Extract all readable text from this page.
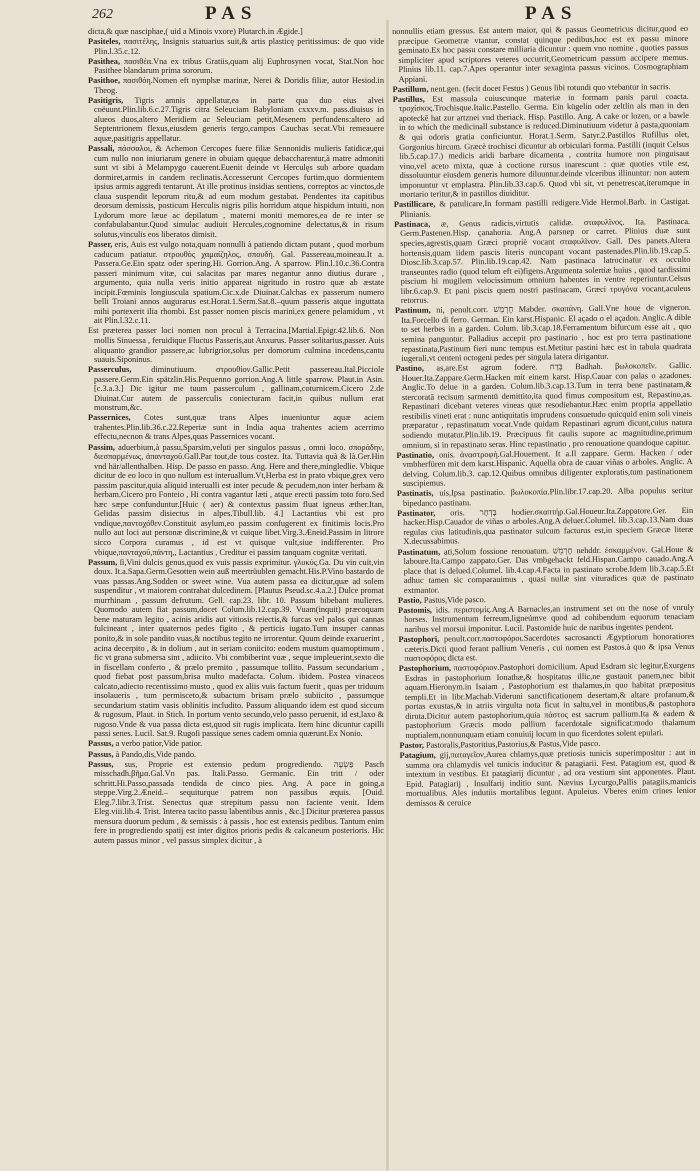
262	PAS	PAS

dicta,& quæ nasciphae,( uid a Minois vxore) Plutarch.in Ægide.]

Pasiteles, πασιτέλης, Insignis statuarius suit,& artis plasticę peritissimus: de quo vide Plin.l.35.c.12.

Pasithea, πασιθέα.Vna ex tribus Gratiis,quam alij Euphrosynen vocat, Stat.Non hoc Pasithee blandarum prima sororum.

Pasithoe, πασιθόη.Nomen eft nymphæ marinæ, Nerei & Doridis filiæ, autor Hesiod.in Theog.

Pasitigris, Tigris amnis appellatur,ea in parte qua duo eius alvei coëuunt.Plin.lib.6.c.27.Tigris citra Seleuciam Babyloniam cxxxv.m. pass.diuisus in alueos duos,altero Meridiem ac Seleuciam petit,Mesenem perfundens:altero ad Septentrionem flexus,eiusdem generis tergo,campos Cauchas secat.Vbi remeauere aquæ,pasitigris appellatur.

Passali, πάσσαλοι, & Achemon Cercopes fuere filiæ Sennonidis mulieris fatidicæ,qui cum nullo non iniuriarum genere in obuiam quęque debaccharentur,à matre admoniti sunt vt sibi à Melampygo cauerent.Euenit deinde vt Herculęs sub arbore quadam dormiret,armis in candem reclinatis.Accesserunt Cercopes furtim,quo dormientem ipsius armis aggredi tentarunt. At ille protinus insidias sentiens, correptos ac vinctos,de claua suspendit leporum ritu,& ad eum modum gestabat. Pendentes ita capitibus deorsum demissis, posticum Herculis nigris pilis horridum atque hispidum intuiti, non Lydorum more læue ac depilatum , materni moniti memores,ea de re inter se confabulabantur.Quod simulac audiuit Hercules,cognomine delectatus,& in risum solutus,vinculis eos liberatos dimisit.

Passer, eris, Auis est vulgo nota,quam nonnulli à patiendo dictam putant , quod morbum caducum patiatur. στρουθὸς χαμαίζηλος, σπουδὴ. Gal. Passereau,moineau.It a. Passera.Ge.Ein spatz oder spering.Hi. Gorrion.Ang. A sparrow. Plin.l.10.c.36.Contra passeri minimum vitæ, cui salacitas par mares negantur anno diutius durare , argumento, quia nulla veris initio appareat nigritudo in rostro quæ ab æstate incipit.Fœminis longiuscula spatium.Cic.x.de Diuinat.Calchas ex passerum numero belli Troiani annos augurarus est.Horat.1.Serm.Sat.8.–quum passeris atque inguttata mihi portexerit ilia rhombi. Est passer nomen piscis marini,ex genere pelamidum , vt ait Plin.l.32.c.11.

Est præterea passer loci nomen non procul à Terracina.[Martial.Epigr.42.lib.6. Non mollis Sinuessa , feruidique Fluctus Passeris,aut Anxurus. Passer solitarius,passer. Auis aliquanto grandior passere,ac lubrigrior,solus per domorum culmina incedens,cantu suauis.Siponinus.

Passerculus, diminutiuum. στρουθίον.Gallic.Petit passereau.Ital.Picciole passere.Germ.Ein spätzlin.His.Pequenno gorrion.Ang.A little sparrow. Plaut.in Asin.[c.3.a.3.] Dic igitur me tuum passerculum , gallinam,coturnicem.Cicero 2.de Diuinat.Cur autem de passerculis coniecturam facit,in quibus nullum erat monstrum,&c.

Passernices, Cotes sunt,quæ trans Alpes inueniuntur aquæ aciem trahentes.Plin.lib.36.c.22.Reperiæ sunt in India aqua trahentes aciem acerrimo effectu,necnon & trans Alpes,quas Passernices vocant.

Passim, aduerbium,à passu,Sparsim,veluti per singulos passus , omni loco. σποράδην, διεσπαρμένως, ἁπανταχοῦ.Gall.Par tout,de tous costez. Ita. Tuttavia quà & là.Ger.Hin vnd här/allenthalben. Hisp. De passo en passo. Ang. Here and there,mingledlie. Vbique dicitur de eo loco in quo nullum est interuallum.Vt,Herba est in prato vbique,grex vero passim pascitur,quia aliquid interualli est inter pecude & pecudem,non inter herbam & herbam.Cicero pro Fonteio , Hi contra vagantur læti , atque erecti passim toto foro.Sed hæc sæpe confunduntur.[Huic ( aer) & contextus passim fluat igneus æther.Itan, Gelidas passim disiectus in alpes.Tibull.lib. 4.] Lactantius vbi est pro vndique,παντοχόθεν.Constituit asylum,eo passim confugerent ex finitimis locis.Pro nullo aut loci aut personæ discrimine,& vt cuique libet.Virg.3.Æneid.Passim in litrore sicco Corpora curamus , id est vt quisque vult,siue indifferenter. Pro vbique,πανταχοῦ,πάντη,, Lactantius , Creditur ei passim tanquam cognitæ veritati.

Passum, ſi,Vini dulcis genus,quod ex vuis passis exprimitur. γλυκύς.Ga. Du vin cuit,vin doux. It.a.Sapa.Germ.Gesotten wein auß meertrüublen gemacht.His.P.Vino bastardo de vuas passas.Ang.Sodden or sweet wine. Vua autem passa ea dicitur,quæ ad solem suspenditur , vt maiorem contrahat dulcedinem. [Plautus Pseud.sc.4.a.2.] Dulce promat murrhinam , passum defrutum. Gell. cap.23. libr. 10. Passum bibebant mulieres. Quomodo autem fiat passum,docet Colum.lib.12.cap.39. Vuam(inquit) præcoquam bene maturam legito , acinis aridis aut vitiosis reiectis,& furcas vel palos qui cannas fulcineant , inter quaternos pedes figito , & perticis iugato.Tum insuper cannas ponito,& in sole pandito vuas,& noctibus tegito ne irrorentur. Quum deinde exaruerint , acina decerpito , & in dolium , aut in seriam coniicito: eodem mustum quamoptimum , fic vt grana submersa sint , adiicito. Vbi combiberint vuæ , seque impleuerint,sexto die in fiscellam conferto , & prælo premito , passumque tollito. Passum secundarium , quod fiebat post passum,brisa multo madefacta. Colum. ibidem. Postea vinaceos calcato,adiecto recentissimo musto , quod ex aliis vuis factum fuerit , quas per triduum insolaueris , tum permisceto,& subactum brisam prælo subiicito , passumque secundarium statim vasis oblinitis includito. Passum aliquando idem est quod siccum & rugosum, Plaut. in Stich. In portum vento secundo,velo passo peruenit, id est,laxo & rugoso.Vnde & vua passa dicta est,quod sit rugis implicata. Item hinc dicuntur capilli passi senes. Lucil. Sat.9. Rugoſi passique senes cadem omnia quærunt.Ex Nonio.

Passus, a verbo patior,Vide patior.

Passus, à Pando,dis,Vide pando.

Passus, sus, Proprie est extensio pedum progrediendo. פַּשְׂעָה Pasch misschadh.βῆμα.Gal.Vn pas. Itali.Passo. Germanic. Ein tritt / oder schritt.Hi.Passo,passada tendida de cinco pies. Ang. A pace in going,a steppe.Virg.2.Æneid.– sequiturque patrem non passibus æquis. [Ouid. Eleg.7.libr.3.Trist. Senectus quæ strepitum passu non faciente venit. Idem Eleg.viii.lib.4. Trist. Interea tacito passu labentibus annis , &c.] Dicitur præterea passus mensura duorum pedum , & semissis : à passis , hoc est extensis pedibus. Tantum enim fere in progrediendo spatij est inter digitos prioris pedis & calcaneum posterioris. Hic autem passus minor , vel passus simplex dicitur , à

nonnullis etiam gressus. Est autem maior, qui & passus Geometricus dicitur,quod eo præcipue Geometræ vtantur, constat quinque pedibus,hoc est ex passu minore geminato.Ex hoc passu constare milliaria dicuntur : quem vno nomine , quoties passus simpliciter apud scriptores veteres occurrit,Geometricum passum accipere memus. Plinius lib.11. cap.7.Apes operantur inter sexaginta passus vicinos. Cosmographiam Appiani.

Pastillum, nent.gen. (fecit docet Festus ) Genus libi rotundi quo vtebantur in sacris.

Pastillus, Est massula cuiuscunque materiæ in formam panis parui coacta. τροχίσκος.Trochisque.Italic.Pastello. Germa. Ein kügelin oder zeltlin als man in den apoteckē hat zur artznei vnd theriack. Hisp. Pastillo. Ang. A cake or lozen, or a bawle in to which the medicinall substance is reduced.Diminutiuum videtur à pasta,quoniam & qui odoris gratia conficiuntur. Horat.1.Serm. Satyr.2.Pastillos Rufillus olet, Gorgonius hircum. Græcè trochisci dicuntur ab orbiculari forma. Pastilli (inquit Celsus lib.5.cap.17.) medicis aridi barbare dicamenta , contrita humore non pinguisaut vino,vel aceto mixta, quæ à coctione rursus inarescunt : quæ quoties vtile est, dissoluuntur eiusdem generis humore diluuntur.deinde vlceribus illinuntur: non autem imponuntur vt emplastra. Plin.lib.33.cap.6. Quod vbi sit, vt penetrescat,iterumque in mortario teritur,& in pastillos diuiditur.

Pastillicare, & patulicare,In formam pastilli redigere.Vide Hermol.Barb. in Castigat. Plinianis.

Pastinaca, æ, Genus radicis,virtutis calidæ. σταφυλῖνος. Ita. Pastinaca. Germ.Pastenen.Hisp. çanahoria. Ang.A parsnep or carret. Plinius duæ sunt species,agrestis,quam Græci propriè vocant σταφυλῖνον. Gall. Des panets.Altera hortensis,quam iidem pascis literis nuncupant vocant pastenades.Plin.lib.19.cap.5. Diosc.lib.3.cap.57. Plin.lib.19.cap.42. Nam pastinaca latrocinatur ex occulto transeuntes radio (quod telum eft ei)figens.Argumenta solertiæ huius , quod tardissimi piscium hi mugilem velocissimum omnium habentes in ventre reperiuntur.Celsus libr.6.cap.9. Et pani piscis quem nostri pastinacam, Græci τρυγόνα vocant,aculeus retorrus.

Pastinum, ni, penult.corr. חֶרְמֵשׁ Mabder. σκαπάνη. Gall.Vne houe de vigneron. Ita.Forcello di ferro. German. Ein karst.Hispanic. El açado o el açadon. Anglic.A dible to set herbes in a garden. Colum. lib.3.cap.18.Ferramentum bifurcum esse ait , quo semina panguntur. Palladius accepit pro pastinario , hoc est pro terra pastinatione repastinata,Pastinum fieri nunc tempus est.Metitur pastini hæc est in tabula quadrata iugerali,vt centeni octogeni pedes per singula latera dirigantur.

Pastino, as,are.Est agrum fodere. בָּדַח Badhah. βωλοκοπεῖν. Gallic. Houer.Ita.Zappare.Germ.Hacken mit einem karst. Hisp.Cauar con palas o azadones. Anglic.To delue in a garden. Colum.lib.3.cap.13.Tum in terra bene pastinatam,& stercoratā recisum sarmentū demittito,ita quod fimus compositum est, Repastino,as. Repastinari dicebant veteres vineas quæ resodiebantur.Hæc enim propria appellatio restibilis vineti erat : nunc antiquitatis imprudens consuetudo quicquid enim soli vineis præparatur , repastinatum vocat.Vnde quidam Repastinari agrum dicunt,cuius natura sodiendo mutatur.Plin.lib.19. Præcipuus fit caulis supore ac magnitudine,primum omnium, si in repastinato seras. Hinc repastinatio , pro renouatione quandoque capitur.

Pastinatio, onis. ἀναστροφὴ.Gal.Houement. It a.Il zappare. Germ. Hacken / oder vmbherfüren mit dem karst.Hispanic. Aquella obra de cauar viñas o arboles. Anglic. A delving. Colum.lib.3. cap.12.Quibus omnibus diligenter exploratis,tum pastinationem suscipiemus.

Pastinatis, uis,Ipsa pastinatio. βωλοκοπία.Plin.libr.17.cap.20. Alba populus seritur bipedanco pastinatu.

Pastinator, oris. בָּדְחָר hodier.σκαπτήρ.Gal.Houeur.Ita.Zappatore.Ger. Ein hacker.Hisp.Cauador de viñas o arboles.Ang.A deluer.Columel. lib.3.cap.13.Nam duas regulas cius latitudinis,qua pastinator sulcum facturus est,in speciem Græcæ literæ X.decussabimus.

Pastinatum, ati,Solum fossione renouatum. חֶרְמֵשׁ nehddr. ἐσκαμμένον. Gal.Houe & laboure.Ita.Campo zappato.Ger. Das vmbgehackt feld.Hispan.Campo cauado.Ang.A place that is delued.Columel. lib.4.cap.4.Facta in pastinato scrobe.Idem lib.3.cap.5.Et adhuc tamen sic comparauimus , quasi nullæ sint vituradices quæ de pastinato extmantor.

Pastio, Pastus,Vide pasco.

Pastomis, idis. περιστομίς.Ang.A Barnacles,an instrument set on the nose of vnruly horses. Instrumentum ferreum,ligneúmve quod ad cohibendum equorum tenaciam naribus vel morsui imponitur. Lucil. Pastomide huic de naribus ingentes pendent.

Pastophori, penult.corr.παστοφόροι.Sacerdotes sacrosancti Ægyptiorum honoratiores cæteris.Dicti quod ferant pallium Veneris , cui nomen est Pastos.à quo & ipsa Venus παστοφόρος dicta est.

Pastophorium, παστοφόριον.Pastophori domicilium. Apud Esdram sic legitur,Exurgens Esdras in pastophorium Ionathæ,& hospitatus illic,ne gustauit panem,nec bibit aquam.Hieronym.in Isaiam , Pastophorium est thalamus,in quo habitat præpositus templi.Et in libr.Machab.Videruni sanctificationem desertam,& altare profanum,& portas exustas,& in atriis virgulta nota ficut in saltu,vel in montibus,& pastophora diruta.Dicitur autem pastophorium,quia πάστος est sacrum pallium.Ita & eadem & pastophorium Græcis modo pallium facerdotale significat:modo thalamum nuptialem,nonnunquam etiam conuiuij locum in quo ficerdotes solent epulari.

Pastor, Pastoralis,Pastoritius,Pastorius,& Pastus,Vide pasco.

Patagium, gij,παταγεῖον,Aurea chlamys,quæ pretiosis tunicis superimpositur : aut in summa ora chlamydis vel tunicis inducitur & patagiarii. Fest. Patagium est, quod & intextum in vestibus. Et patagiarij dicuntur , ad ora vestium sint apponentes. Plaut. Epid. Patagiarij , Insulfarij inditio sunt. Nævius Lycurgo,Pallis patagiis,manicis mortualibus. Ales indutiis mortalibus legunt. Apuleius. Vberes enim crines lenior demissos & ceruice
